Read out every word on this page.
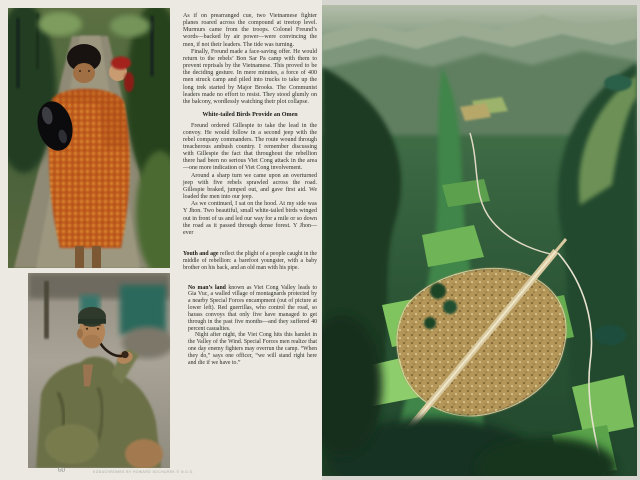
As if on prearranged cue, two Vietnamese fighter planes roared across the compound at treetop level. Murmurs came from the troops. Colonel Freund’s words—backed by air power—were convincing the men, if not their leaders. The tide was turning.

Finally, Freund made a face-saving offer. He would return to the rebels’ Bon Sar Pa camp with them to prevent reprisals by the Vietnamese. This proved to be the deciding gesture. In mere minutes, a force of 400 men struck camp and piled into trucks to take up the long trek started by Major Brooks. The Communist leaders made no effort to resist. They stood glumly on the balcony, wordlessly watching their plot collapse.

White-tailed Birds Provide an Omen

Freund ordered Gillespie to take the lead in the convoy. He would follow in a second jeep with the rebel company commanders. The route wound through treacherous ambush country. I remember discussing with Gillespie the fact that throughout the rebellion there had been no serious Viet Cong attack in the area—one more indication of Viet Cong involvement.

Around a sharp turn we came upon an overturned jeep with five rebels sprawled across the road. Gillespie braked, jumped out, and gave first aid. We loaded the men into our jeep.

As we continued, I sat on the hood. At my side was Y Jhon. Two beautiful, small white-tailed birds winged out in front of us and led our way for a mile or so down the road as it passed through dense forest. Y Jhon—ever

Youth and age reflect the plight of a people caught in the middle of rebellion: a barefoot youngster, with a baby brother on his back, and an old man with his pipe.

No man’s land known as Viet Cong Valley leads to Gia Vuc, a walled village of montagnards protected by a nearby Special Forces encampment (out of picture at lower left). Red guerrillas, who control the road, so harass convoys that only five have managed to get through in the past five months—and they suffered 40 percent casualties.

Night after night, the Viet Cong hits this hamlet in the Valley of the Wind. Special Forces men realize that one day enemy fighters may overrun the camp. “When they do,” says one officer, “we will stand right here and die if we have to.”

60	KODACHROMES BY HOWARD SOCHUREK © N.G.S.
